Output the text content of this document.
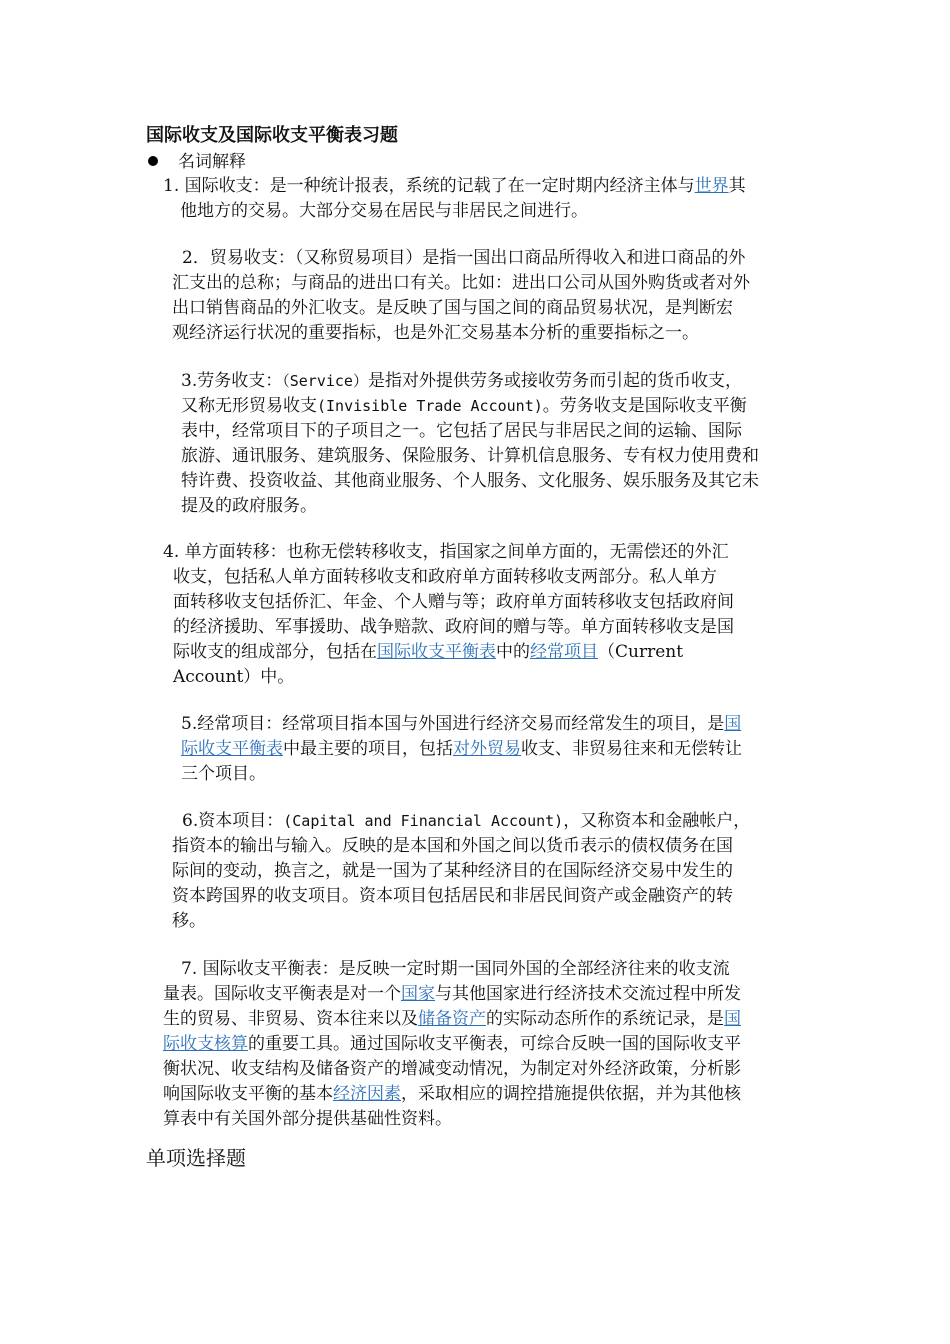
国际收支及国际收支平衡表习题
名词解释
1. 国际收支：是一种统计报表，系统的记载了在一定时期内经济主体与世界其
他地方的交易。大部分交易在居民与非居民之间进行。
2．贸易收支：（又称贸易项目）是指一国出口商品所得收入和进口商品的外
汇支出的总称；与商品的进出口有关。比如：进出口公司从国外购货或者对外
出口销售商品的外汇收支。是反映了国与国之间的商品贸易状况，是判断宏
观经济运行状况的重要指标，也是外汇交易基本分析的重要指标之一。
3.劳务收支：（Service）是指对外提供劳务或接收劳务而引起的货币收支，
又称无形贸易收支(Invisible Trade Account)。劳务收支是国际收支平衡
表中，经常项目下的子项目之一。它包括了居民与非居民之间的运输、国际
旅游、通讯服务、建筑服务、保险服务、计算机信息服务、专有权力使用费和
特许费、投资收益、其他商业服务、个人服务、文化服务、娱乐服务及其它未
提及的政府服务。
4. 单方面转移：也称无偿转移收支，指国家之间单方面的，无需偿还的外汇
收支，包括私人单方面转移收支和政府单方面转移收支两部分。私人单方
面转移收支包括侨汇、年金、个人赠与等；政府单方面转移收支包括政府间
的经济援助、军事援助、战争赔款、政府间的赠与等。单方面转移收支是国
际收支的组成部分，包括在国际收支平衡表中的经常项目（Current
Account）中。
5.经常项目：经常项目指本国与外国进行经济交易而经常发生的项目，是国
际收支平衡表中最主要的项目，包括对外贸易收支、非贸易往来和无偿转让
三个项目。
6.资本项目：(Capital and Financial Account)，又称资本和金融帐户，
指资本的输出与输入。反映的是本国和外国之间以货币表示的债权债务在国
际间的变动，换言之，就是一国为了某种经济目的在国际经济交易中发生的
资本跨国界的收支项目。资本项目包括居民和非居民间资产或金融资产的转
移。
7. 国际收支平衡表：是反映一定时期一国同外国的全部经济往来的收支流
量表。国际收支平衡表是对一个国家与其他国家进行经济技术交流过程中所发
生的贸易、非贸易、资本往来以及储备资产的实际动态所作的系统记录，是国
际收支核算的重要工具。通过国际收支平衡表，可综合反映一国的国际收支平
衡状况、收支结构及储备资产的增减变动情况，为制定对外经济政策，分析影
响国际收支平衡的基本经济因素，采取相应的调控措施提供依据，并为其他核
算表中有关国外部分提供基础性资料。
单项选择题
